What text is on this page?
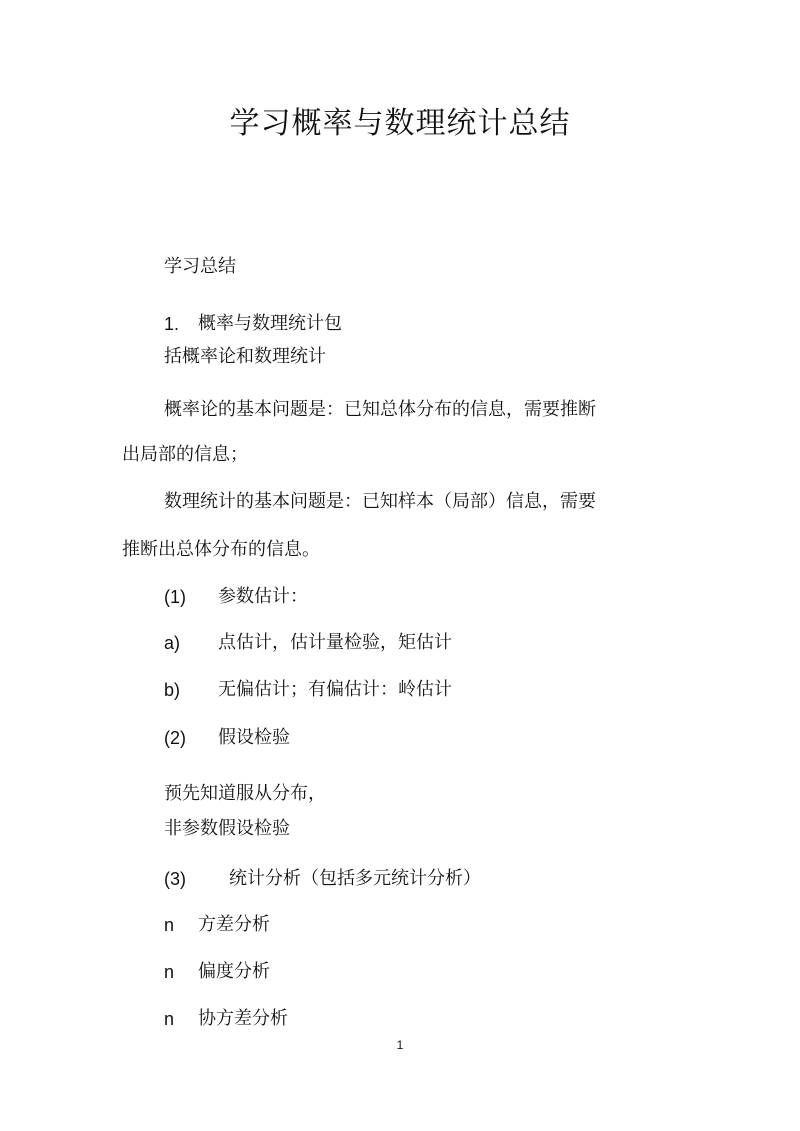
学习概率与数理统计总结

学习总结

1. 概率与数理统计包

括概率论和数理统计

概率论的基本问题是：已知总体分布的信息，需要推断

出局部的信息；

数理统计的基本问题是：已知样本（局部）信息，需要

推断出总体分布的信息。

(1) 参数估计：
a) 点估计，估计量检验，矩估计
b) 无偏估计；有偏估计：岭估计
(2) 假设检验

预先知道服从分布，

非参数假设检验

(3) 统计分析（包括多元统计分析）
n 方差分析
n 偏度分析
n 协方差分析
1
